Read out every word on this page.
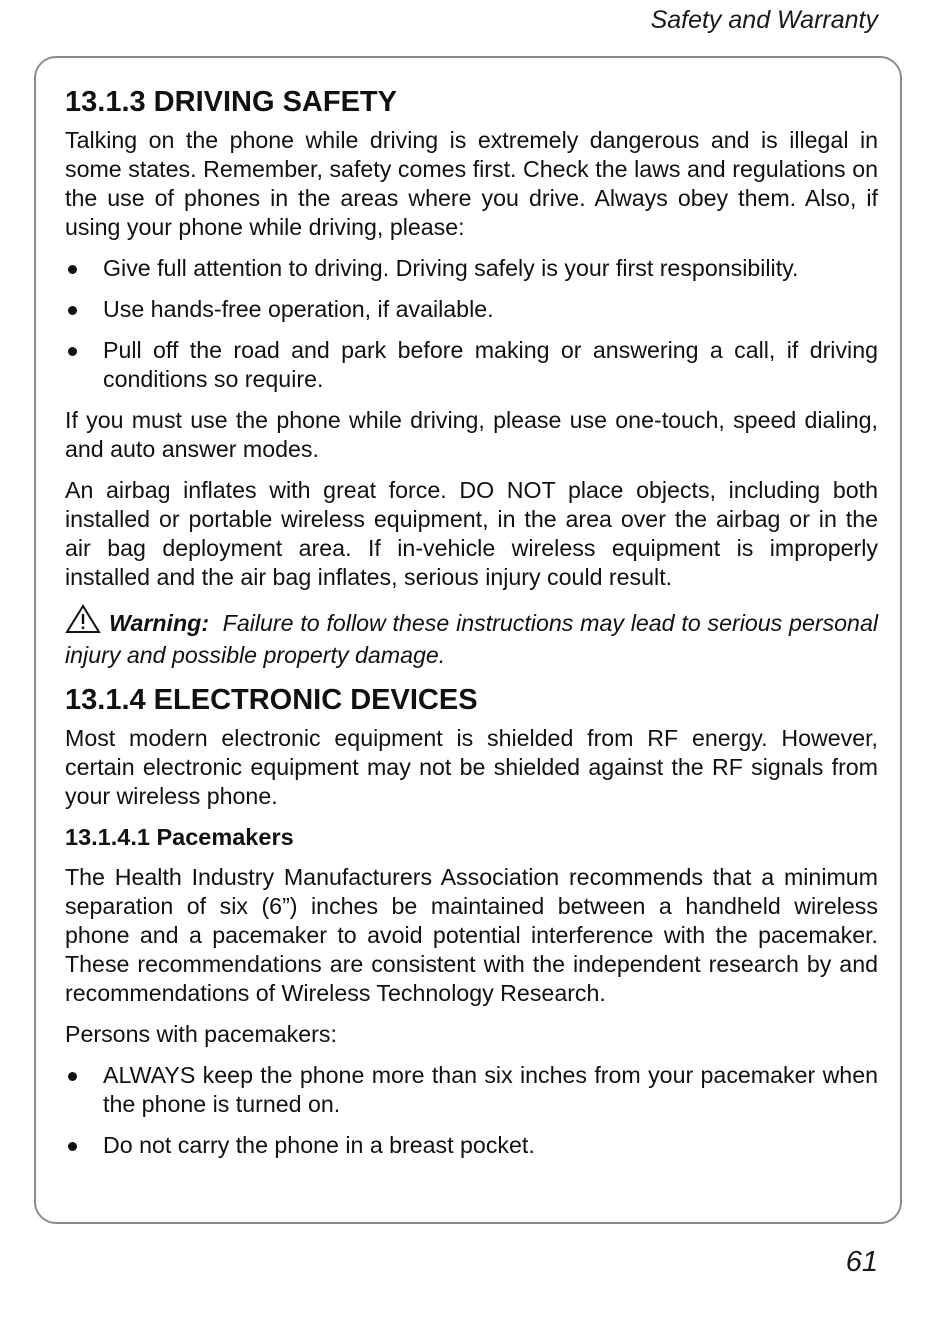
Safety and Warranty
13.1.3 DRIVING SAFETY

Talking on the phone while driving is extremely dangerous and is illegal in some states. Remember, safety comes first. Check the laws and regulations on the use of phones in the areas where you drive. Always obey them. Also, if using your phone while driving, please:

Give full attention to driving. Driving safely is your first responsibility.
Use hands-free operation, if available.
Pull off the road and park before making or answering a call, if driving conditions so require.

If you must use the phone while driving, please use one-touch, speed dialing, and auto answer modes.

An airbag inflates with great force. DO NOT place objects, including both installed or portable wireless equipment, in the area over the airbag or in the air bag deployment area. If in-vehicle wireless equipment is improperly installed and the air bag inflates, serious injury could result.

Warning: Failure to follow these instructions may lead to serious personal injury and possible property damage.

13.1.4 ELECTRONIC DEVICES

Most modern electronic equipment is shielded from RF energy. However, certain electronic equipment may not be shielded against the RF signals from your wireless phone.

13.1.4.1 Pacemakers

The Health Industry Manufacturers Association recommends that a minimum separation of six (6”) inches be maintained between a handheld wireless phone and a pacemaker to avoid potential interference with the pacemaker. These recommendations are consistent with the independent research by and recommendations of Wireless Technology Research.

Persons with pacemakers:

ALWAYS keep the phone more than six inches from your pacemaker when the phone is turned on.
Do not carry the phone in a breast pocket.
61
